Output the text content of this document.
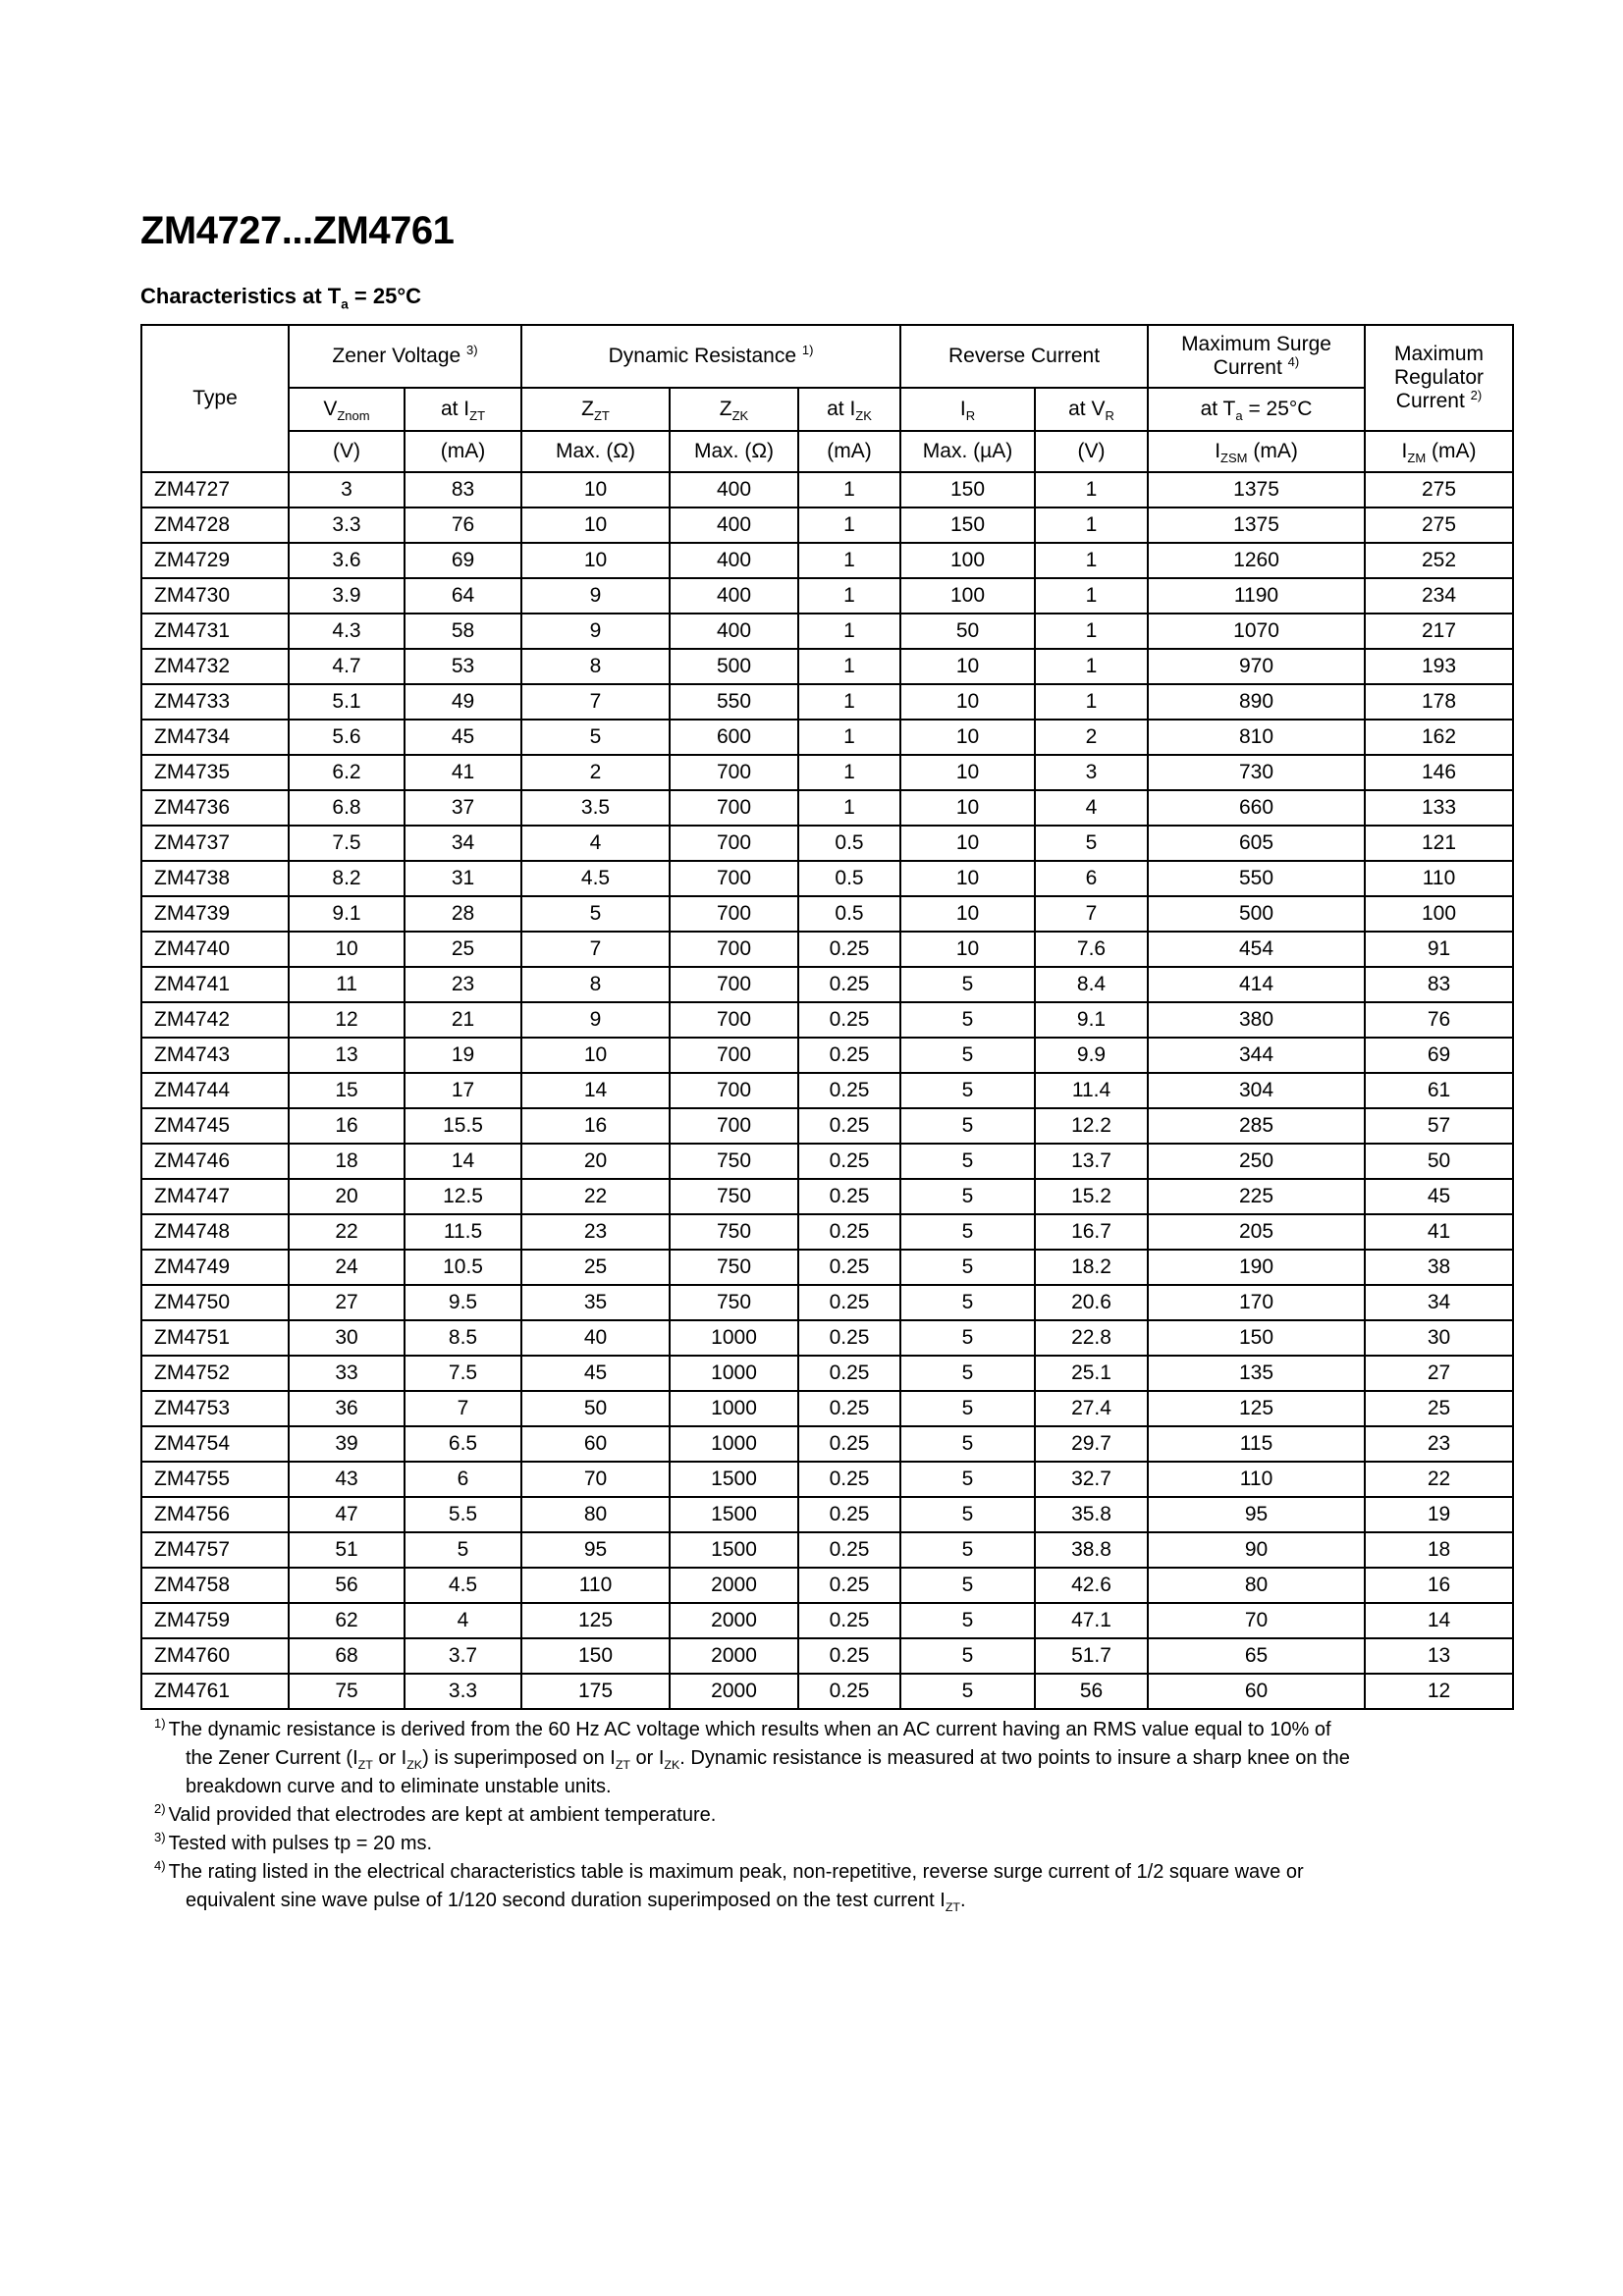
ZM4727...ZM4761
Characteristics at $T_a = 25^\circ C$
Type	Zener Voltage $^{3)}$		Dynamic Resistance $^{1)}$			Reverse Current		Maximum Surge Current $^{4)}$	Maximum Regulator Current $^{2)}$
	$V_{Znom}$	at $I_{ZT}$	$Z_{ZT}$	$Z_{ZK}$	at $I_{ZK}$	$I_R$	at $V_R$	at $T_a = 25^\circ C$	
	(V)	(mA)	Max. (Ω)	Max. (Ω)	(mA)	Max. (µA)	(V)	$I_{ZSM}$ (mA)	$I_{ZM}$ (mA)
ZM4727	3	83	10	400	1	150	1	1375	275
ZM4728	3.3	76	10	400	1	150	1	1375	275
ZM4729	3.6	69	10	400	1	100	1	1260	252
ZM4730	3.9	64	9	400	1	100	1	1190	234
ZM4731	4.3	58	9	400	1	50	1	1070	217
ZM4732	4.7	53	8	500	1	10	1	970	193
ZM4733	5.1	49	7	550	1	10	1	890	178
ZM4734	5.6	45	5	600	1	10	2	810	162
ZM4735	6.2	41	2	700	1	10	3	730	146
ZM4736	6.8	37	3.5	700	1	10	4	660	133
ZM4737	7.5	34	4	700	0.5	10	5	605	121
ZM4738	8.2	31	4.5	700	0.5	10	6	550	110
ZM4739	9.1	28	5	700	0.5	10	7	500	100
ZM4740	10	25	7	700	0.25	10	7.6	454	91
ZM4741	11	23	8	700	0.25	5	8.4	414	83
ZM4742	12	21	9	700	0.25	5	9.1	380	76
ZM4743	13	19	10	700	0.25	5	9.9	344	69
ZM4744	15	17	14	700	0.25	5	11.4	304	61
ZM4745	16	15.5	16	700	0.25	5	12.2	285	57
ZM4746	18	14	20	750	0.25	5	13.7	250	50
ZM4747	20	12.5	22	750	0.25	5	15.2	225	45
ZM4748	22	11.5	23	750	0.25	5	16.7	205	41
ZM4749	24	10.5	25	750	0.25	5	18.2	190	38
ZM4750	27	9.5	35	750	0.25	5	20.6	170	34
ZM4751	30	8.5	40	1000	0.25	5	22.8	150	30
ZM4752	33	7.5	45	1000	0.25	5	25.1	135	27
ZM4753	36	7	50	1000	0.25	5	27.4	125	25
ZM4754	39	6.5	60	1000	0.25	5	29.7	115	23
ZM4755	43	6	70	1500	0.25	5	32.7	110	22
ZM4756	47	5.5	80	1500	0.25	5	35.8	95	19
ZM4757	51	5	95	1500	0.25	5	38.8	90	18
ZM4758	56	4.5	110	2000	0.25	5	42.6	80	16
ZM4759	62	4	125	2000	0.25	5	47.1	70	14
ZM4760	68	3.7	150	2000	0.25	5	51.7	65	13
ZM4761	75	3.3	175	2000	0.25	5	56	60	12
$^{1)}$ The dynamic resistance is derived from the 60 Hz AC voltage which results when an AC current having an RMS value equal to 10% of
the Zener Current ($I_{ZT}$ or $I_{ZK}$) is superimposed on $I_{ZT}$ or $I_{ZK}$. Dynamic resistance is measured at two points to insure a sharp knee on the
breakdown curve and to eliminate unstable units.
$^{2)}$ Valid provided that electrodes are kept at ambient temperature.
$^{3)}$ Tested with pulses tp = 20 ms.
$^{4)}$ The rating listed in the electrical characteristics table is maximum peak, non-repetitive, reverse surge current of 1/2 square wave or
equivalent sine wave pulse of 1/120 second duration superimposed on the test current $I_{ZT}$.
